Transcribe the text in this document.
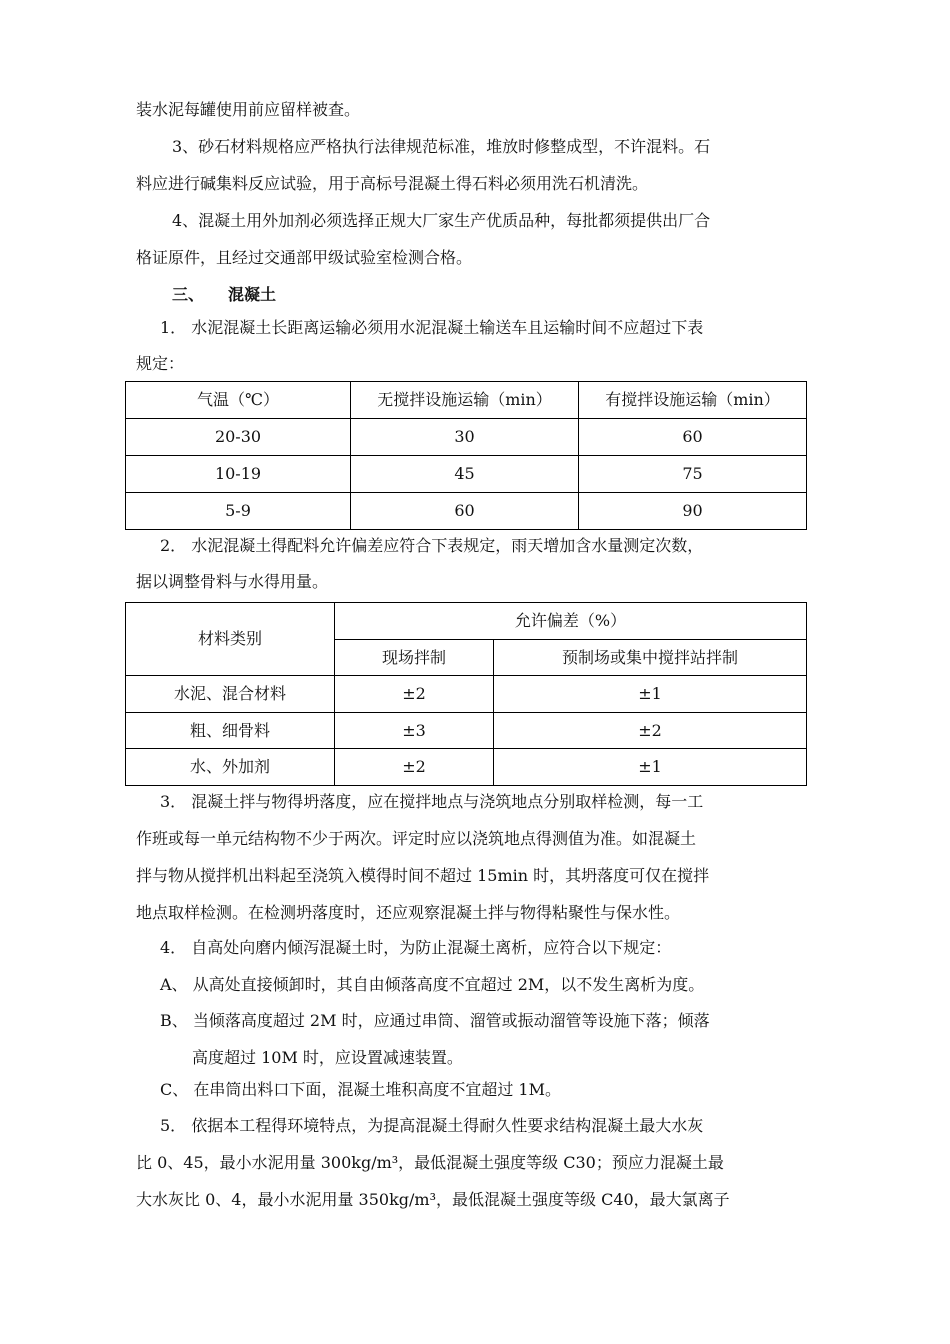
装水泥每罐使用前应留样被查。
3、砂石材料规格应严格执行法律规范标准，堆放时修整成型，不许混料。石
料应进行碱集料反应试验，用于高标号混凝土得石料必须用洗石机清洗。
4、混凝土用外加剂必须选择正规大厂家生产优质品种，每批都须提供出厂合
格证原件，且经过交通部甲级试验室检测合格。
三、 混凝土
1． 水泥混凝土长距离运输必须用水泥混凝土输送车且运输时间不应超过下表
规定：
气温（℃）	无搅拌设施运输（min）	有搅拌设施运输（min）
20-30	30	60
10-19	45	75
5-9	60	90
2． 水泥混凝土得配料允许偏差应符合下表规定，雨天增加含水量测定次数，
据以调整骨料与水得用量。
材料类别	允许偏差（%）	
	现场拌制	预制场或集中搅拌站拌制
水泥、混合材料	±2	±1
粗、细骨料	±3	±2
水、外加剂	±2	±1
3． 混凝土拌与物得坍落度，应在搅拌地点与浇筑地点分别取样检测，每一工
作班或每一单元结构物不少于两次。评定时应以浇筑地点得测值为准。如混凝土
拌与物从搅拌机出料起至浇筑入模得时间不超过 15min 时，其坍落度可仅在搅拌
地点取样检测。在检测坍落度时，还应观察混凝土拌与物得粘聚性与保水性。
4． 自高处向磨内倾泻混凝土时，为防止混凝土离析，应符合以下规定：
A、 从高处直接倾卸时，其自由倾落高度不宜超过 2M，以不发生离析为度。
B、 当倾落高度超过 2M 时，应通过串筒、溜管或振动溜管等设施下落；倾落
高度超过 10M 时，应设置减速装置。
C、 在串筒出料口下面，混凝土堆积高度不宜超过 1M。
5． 依据本工程得环境特点，为提高混凝土得耐久性要求结构混凝土最大水灰
比 0、45，最小水泥用量 300kg/m³，最低混凝土强度等级 C30；预应力混凝土最
大水灰比 0、4，最小水泥用量 350kg/m³，最低混凝土强度等级 C40，最大氯离子
